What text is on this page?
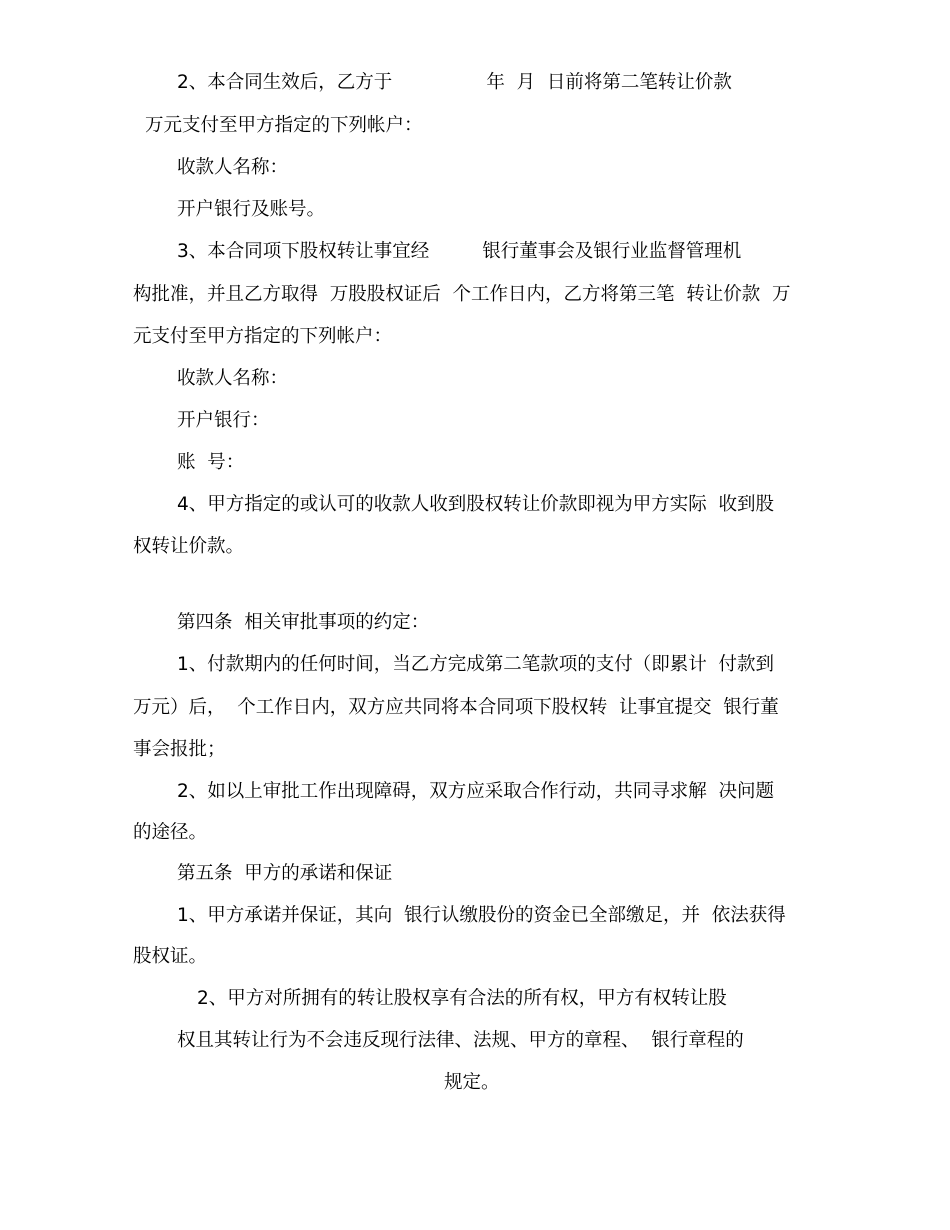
2、本合同生效后，乙方于                年  月  日前将第二笔转让价款

万元支付至甲方指定的下列帐户：

收款人名称：

开户银行及账号。

3、本合同项下股权转让事宜经         银行董事会及银行业监督管理机

构批准，并且乙方取得  万股股权证后  个工作日内，乙方将第三笔  转让价款  万

元支付至甲方指定的下列帐户：

收款人名称：

开户银行：

账  号：

4、甲方指定的或认可的收款人收到股权转让价款即视为甲方实际  收到股

权转让价款。

第四条  相关审批事项的约定：

1、付款期内的任何时间，当乙方完成第二笔款项的支付（即累计  付款到

万元）后，  个工作日内，双方应共同将本合同项下股权转  让事宜提交  银行董

事会报批；

2、如以上审批工作出现障碍，双方应采取合作行动，共同寻求解  决问题

的途径。

第五条  甲方的承诺和保证

1、甲方承诺并保证，其向  银行认缴股份的资金已全部缴足，并  依法获得

股权证。

2、甲方对所拥有的转让股权享有合法的所有权，甲方有权转让股

权且其转让行为不会违反现行法律、法规、甲方的章程、  银行章程的

规定。
